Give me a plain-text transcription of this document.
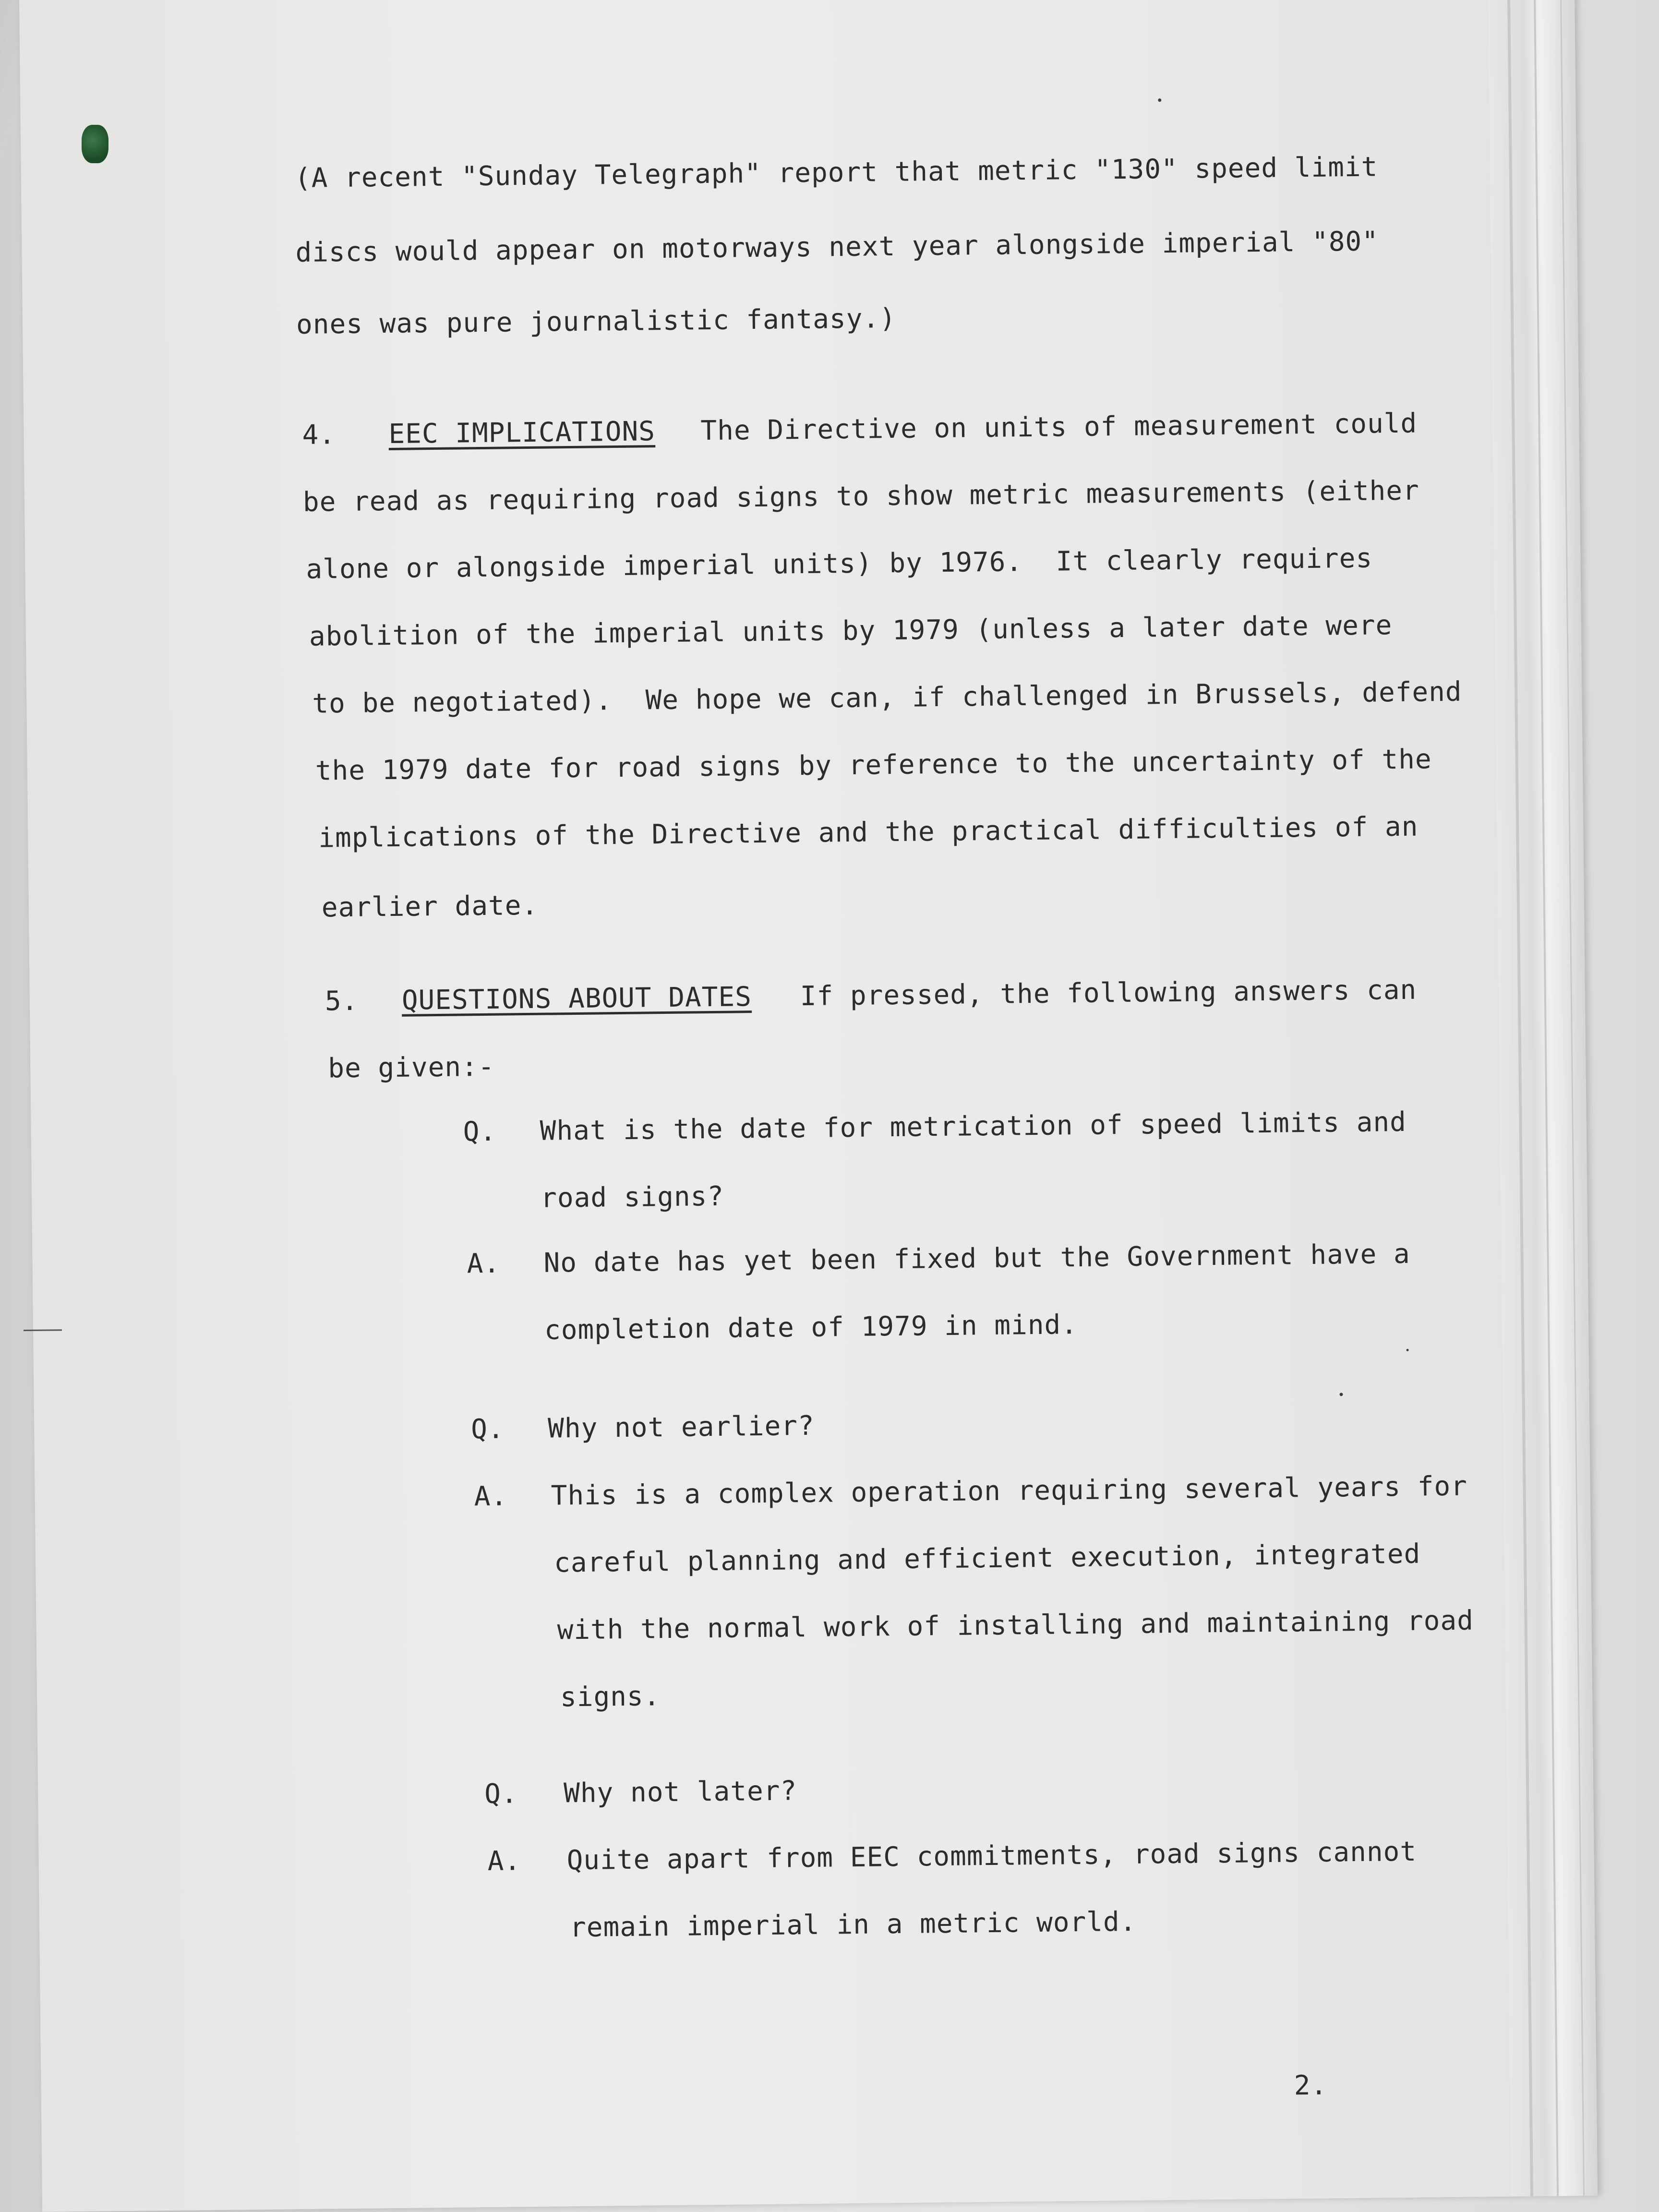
(A recent "Sunday Telegraph" report that metric "130" speed limit
discs would appear on motorways next year alongside imperial "80"
ones was pure journalistic fantasy.)
4. EEC IMPLICATIONS The Directive on units of measurement could
be read as requiring road signs to show metric measurements (either
alone or alongside imperial units) by 1976.  It clearly requires
abolition of the imperial units by 1979 (unless a later date were
to be negotiated).  We hope we can, if challenged in Brussels, defend
the 1979 date for road signs by reference to the uncertainty of the
implications of the Directive and the practical difficulties of an
earlier date.
5. QUESTIONS ABOUT DATES If pressed, the following answers can
be given:-
Q. What is the date for metrication of speed limits and
road signs?
A. No date has yet been fixed but the Government have a
completion date of 1979 in mind.
Q. Why not earlier?
A. This is a complex operation requiring several years for
careful planning and efficient execution, integrated
with the normal work of installing and maintaining road
signs.
Q. Why not later?
A. Quite apart from EEC commitments, road signs cannot
remain imperial in a metric world.
2.
